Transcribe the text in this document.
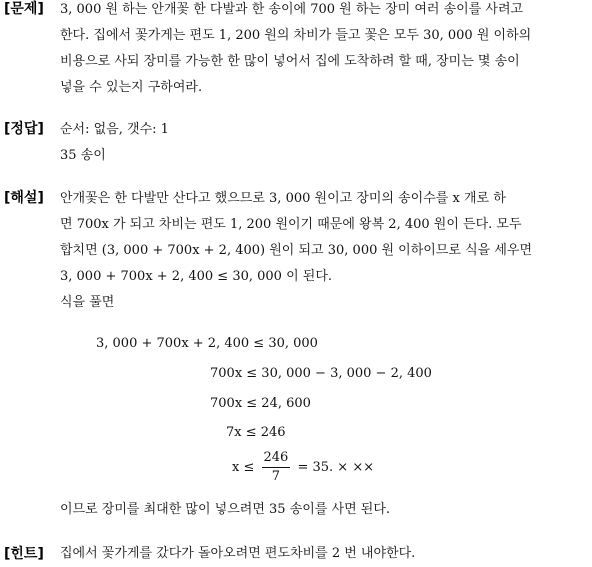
[문제] 3, 000 원 하는 안개꽃 한 다발과 한 송이에 700 원 하는 장미 여러 송이를 사려고
한다. 집에서 꽃가게는 편도 1, 200 원의 차비가 들고 꽃은 모두 30, 000 원 이하의
비용으로 사되 장미를 가능한 한 많이 넣어서 집에 도착하려 할 때, 장미는 몇 송이
넣을 수 있는지 구하여라.
[정답] 순서: 없음, 갯수: 1
35 송이
[해설] 안개꽃은 한 다발만 산다고 했으므로 3, 000 원이고 장미의 송이수를 x 개로 하
면 700x 가 되고 차비는 편도 1, 200 원이기 때문에 왕복 2, 400 원이 든다. 모두
합치면 (3, 000 + 700x + 2, 400) 원이 되고 30, 000 원 이하이므로 식을 세우면
3, 000 + 700x + 2, 400 ≤ 30, 000 이 된다.
식을 풀면
3, 000 + 700x + 2, 400 ≤ 30, 000
700x ≤ 30, 000 − 3, 000 − 2, 400
700x ≤ 24, 600
7x ≤ 246
$x \le \frac{246}{7} = 35$. × ××
이므로 장미를 최대한 많이 넣으려면 35 송이를 사면 된다.
[힌트] 집에서 꽃가게를 갔다가 돌아오려면 편도차비를 2 번 내야한다.
